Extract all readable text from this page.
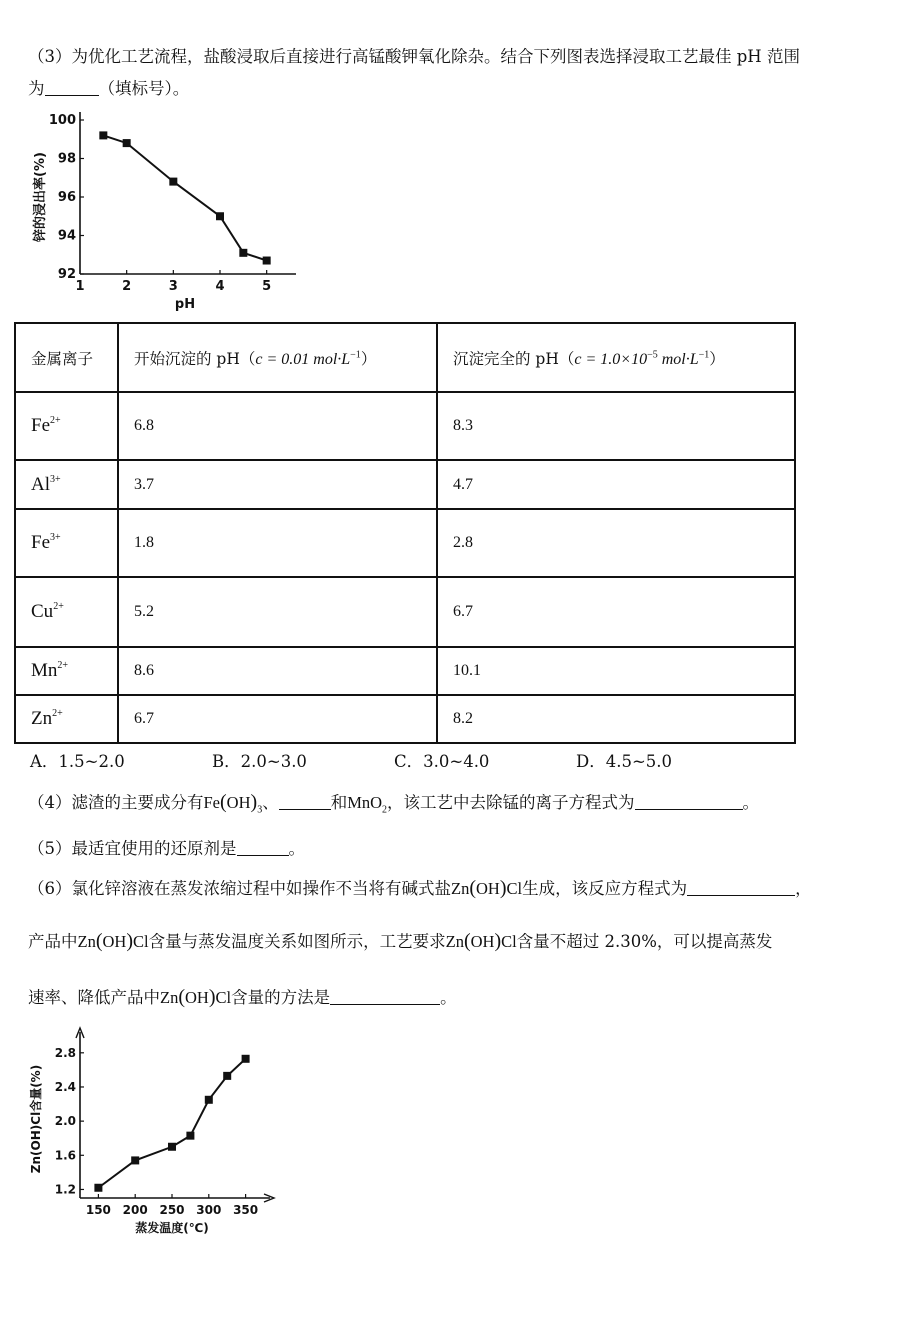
（3）为优化工艺流程，盐酸浸取后直接进行高锰酸钾氧化除杂。结合下列图表选择浸取工艺最佳 pH 范围
为	（填标号）。
1	2	3	4	5
92
94
96
98
100
pH
锌的浸出率(%)
金属离子	开始沉淀的 pH（c = 0.01 $mol\cdot L^{-1}$）	沉淀完全的 $pH(c = 1.0\times 10^{-5}$ $mol\cdot L^{-1}$）
$Fe^{2+}$	6.8	8.3
$Al^{3+}$	3.7	4.7
$Fe^{3+}$	1.8	2.8
$Cu^{2+}$	5.2	6.7
$Mn^{2+}$	8.6	10.1
$Zn^{2+}$	6.7	8.2
A．1.5~2.0	B．2.0~3.0	C．3.0~4.0	D．4.5~5.0
（4）滤渣的主要成分有$Fe(OH)_3$、	和MnO$_2$，该工艺中去除锰的离子方程式为	。
（5）最适宜使用的还原剂是	。
（6）氯化锌溶液在蒸发浓缩过程中如操作不当将有碱式盐Zn(OH)Cl生成，该反应方程式为	，
产品中Zn(OH)Cl含量与蒸发温度关系如图所示，工艺要求Zn(OH)Cl含量不超过 2.30%，可以提高蒸发
速率、降低产品中Zn(OH)Cl含量的方法是	。
150 200 250 300 350
1.2
1.6
2.0
2.4
2.8
蒸发温度(℃)
Zn(OH)Cl含量(%)
